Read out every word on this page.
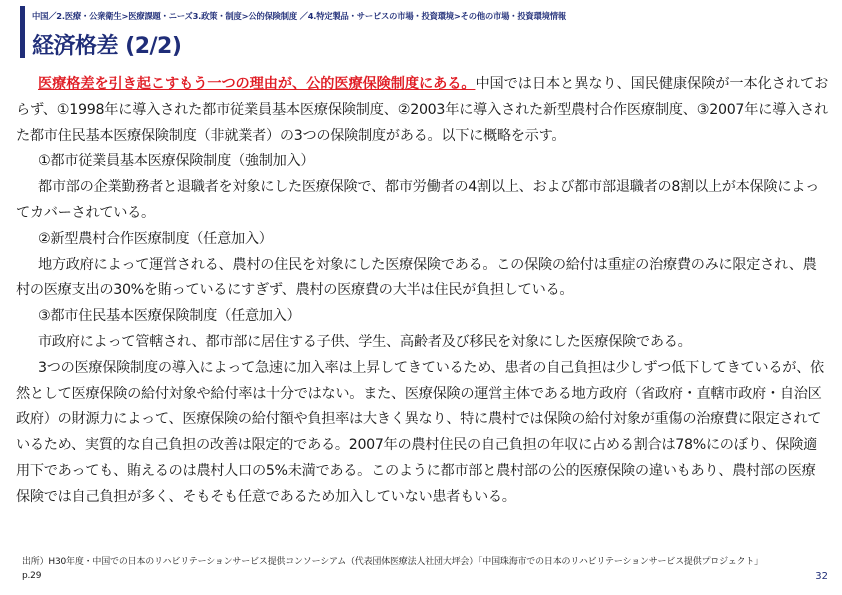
中国／2.医療・公衆衛生>医療課題・ニーズ3.政策・制度>公的保険制度 ／4.特定製品・サービスの市場・投資環境>その他の市場・投資環境情報
経済格差 (2/2)

医療格差を引き起こすもう一つの理由が、公的医療保険制度にある。中国では日本と異なり、国民健康保険が一本化されておらず、①1998年に導入された都市従業員基本医療保険制度、②2003年に導入された新型農村合作医療制度、③2007年に導入された都市住民基本医療保険制度（非就業者）の3つの保険制度がある。以下に概略を示す。

①都市従業員基本医療保険制度（強制加入）

都市部の企業勤務者と退職者を対象にした医療保険で、都市労働者の4割以上、および都市部退職者の8割以上が本保険によってカバーされている。

②新型農村合作医療制度（任意加入）

地方政府によって運営される、農村の住民を対象にした医療保険である。この保険の給付は重症の治療費のみに限定され、農村の医療支出の30%を賄っているにすぎず、農村の医療費の大半は住民が負担している。

③都市住民基本医療保険制度（任意加入）

市政府によって管轄され、都市部に居住する子供、学生、高齢者及び移民を対象にした医療保険である。

3つの医療保険制度の導入によって急速に加入率は上昇してきているため、患者の自己負担は少しずつ低下してきているが、依然として医療保険の給付対象や給付率は十分ではない。また、医療保険の運営主体である地方政府（省政府・直轄市政府・自治区政府）の財源力によって、医療保険の給付額や負担率は大きく異なり、特に農村では保険の給付対象が重傷の治療費に限定されているため、実質的な自己負担の改善は限定的である。2007年の農村住民の自己負担の年収に占める割合は78%にのぼり、保険適用下であっても、賄えるのは農村人口の5%未満である。このように都市部と農村部の公的医療保険の違いもあり、農村部の医療保険では自己負担が多く、そもそも任意であるため加入していない患者もいる。

出所）H30年度・中国での日本のリハビリテーションサービス提供コンソーシアム（代表団体医療法人社団大坪会）「中国珠海市での日本のリハビリテーションサービス提供プロジェクト」p.29	32
